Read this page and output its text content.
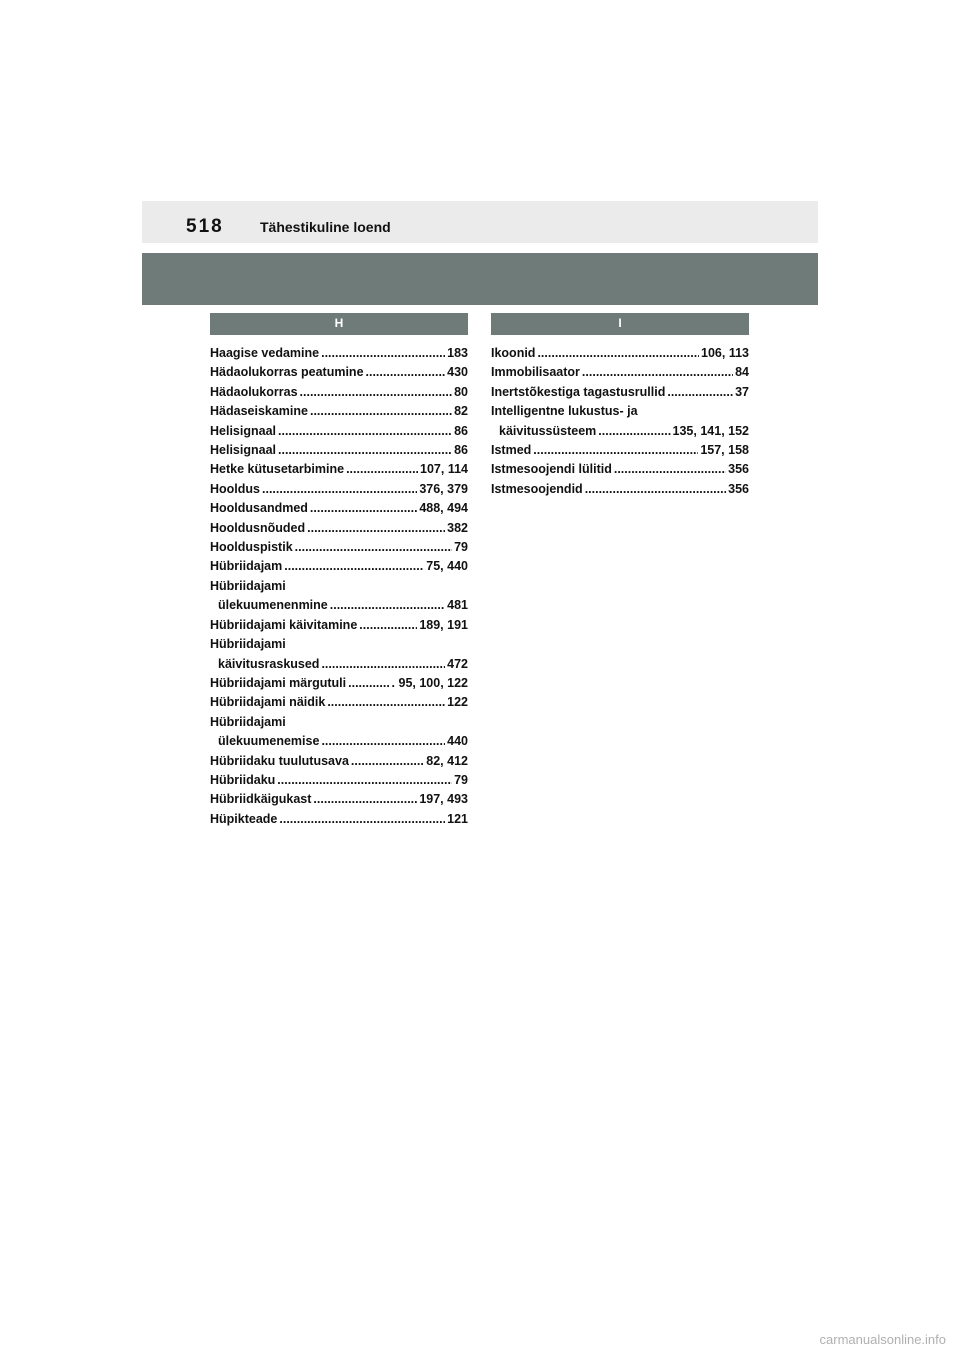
518	Tähestikuline loend
H
Haagise vedamine .....	183
Hädaolukorras peatumine .....	430
Hädaolukorras .....	80
Hädaseiskamine .....	82
Helisignaal .....	86
Helisignaal .....	86
Hetke kütusetarbimine .....	107, 114
Hooldus .....	376, 379
Hooldusandmed .....	488, 494
Hooldusnõuded .....	382
Hoolduspistik .....	79
Hübriidajam .....	75, 440
Hübriidajami
ülekuumenenmine .....	481
Hübriidajami käivitamine .....	189, 191
Hübriidajami
käivitusraskused .....	472
Hübriidajami märgutuli .....	. 95, 100, 122
Hübriidajami näidik .....	122
Hübriidajami
ülekuumenemise .....	440
Hübriidaku tuulutusava .....	82, 412
Hübriidaku .....	79
Hübriidkäigukast .....	197, 493
Hüpikteade .....	121
I
Ikoonid .....	106, 113
Immobilisaator .....	84
Inertstõkestiga tagastusrullid .....	37
Intelligentne lukustus- ja
käivitussüsteem .....	135, 141, 152
Istmed .....	157, 158
Istmesoojendi lülitid .....	356
Istmesoojendid .....	356
carmanualsonline.info
